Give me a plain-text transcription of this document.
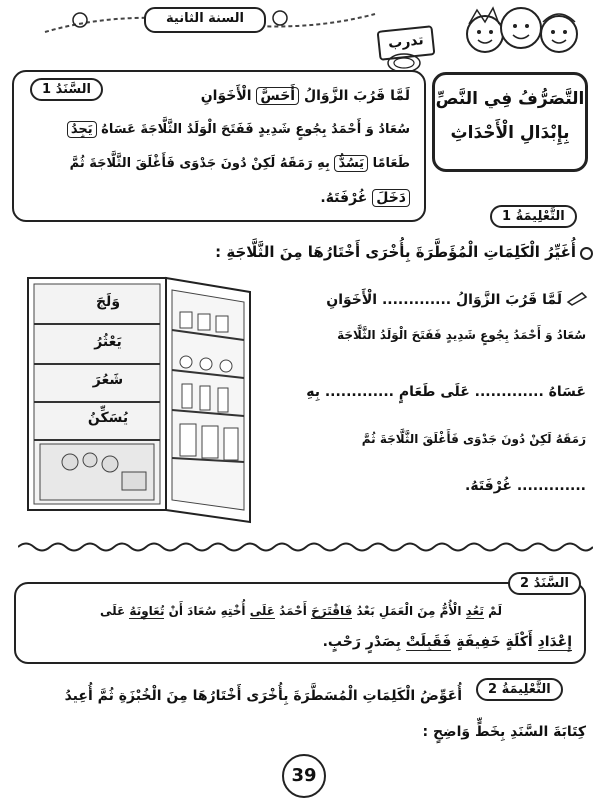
السنة الثانية
تدرب
التَّصَرُّفُ فِي النَّصِّ
بِإِبْدَالِ الْأَحْدَاثِ
السَّنَدُ 1	لَمَّا قَرُبَ الزَّوَالُ أَحَسَّ الْأَخَوَانِ
سُعَادُ وَ أَحْمَدُ بِجُوعٍ شَدِيدٍ فَفَتَحَ الْوَلَدُ الثَّلَّاجَةَ عَسَاهُ يَجِدُ
طَعَامًا يَسُدُّ بِهِ رَمَقَهُ لَكِنْ دُونَ جَدْوَى فَأَغْلَقَ الثَّلَّاجَةَ ثُمَّ
دَخَلَ غُرْفَتَهُ.
التَّعْلِيمَةُ 1
أُغَيِّرُ الْكَلِمَاتِ الْمُؤَطَّرَةَ بِأُخْرَى أَخْتَارُهَا مِنَ الثَّلَّاجَةِ :
وَلَجَ
يَعْثُرُ
شَعُرَ
يُسَكِّنُ
لَمَّا قَرُبَ الزَّوَالُ ............. الْأَخَوَانِ
سُعَادُ وَ أَحْمَدُ بِجُوعٍ شَدِيدٍ فَفَتَحَ الْوَلَدُ الثَّلَّاجَةَ
عَسَاهُ ............. عَلَى طَعَامٍ ............. بِهِ
رَمَقَهُ لَكِنْ دُونَ جَدْوَى فَأَغْلَقَ الثَّلَّاجَةَ ثُمَّ
............. غُرْفَتَهُ.
السَّنَدُ 2
لَمْ تَعُدِ الْأُمُّ مِنَ الْعَمَلِ بَعْدُ فَاقْتَرَحَ أَحْمَدُ عَلَى أُخْتِهِ سُعَادَ أَنْ تُعَاوِنَهُ عَلَى
إِعْدَادِ أَكْلَةٍ خَفِيفَةٍ فَقَبِلَتْ بِصَدْرٍ رَحْبٍ.
التَّعْلِيمَةُ 2
أُعَوِّضُ الْكَلِمَاتِ الْمُسَطَّرَةَ بِأُخْرَى أَخْتَارُهَا مِنَ الْخُبْزَةِ ثُمَّ أُعِيدُ
كِتَابَةَ السَّنَدِ بِخَطٍّ وَاضِحٍ :
39
